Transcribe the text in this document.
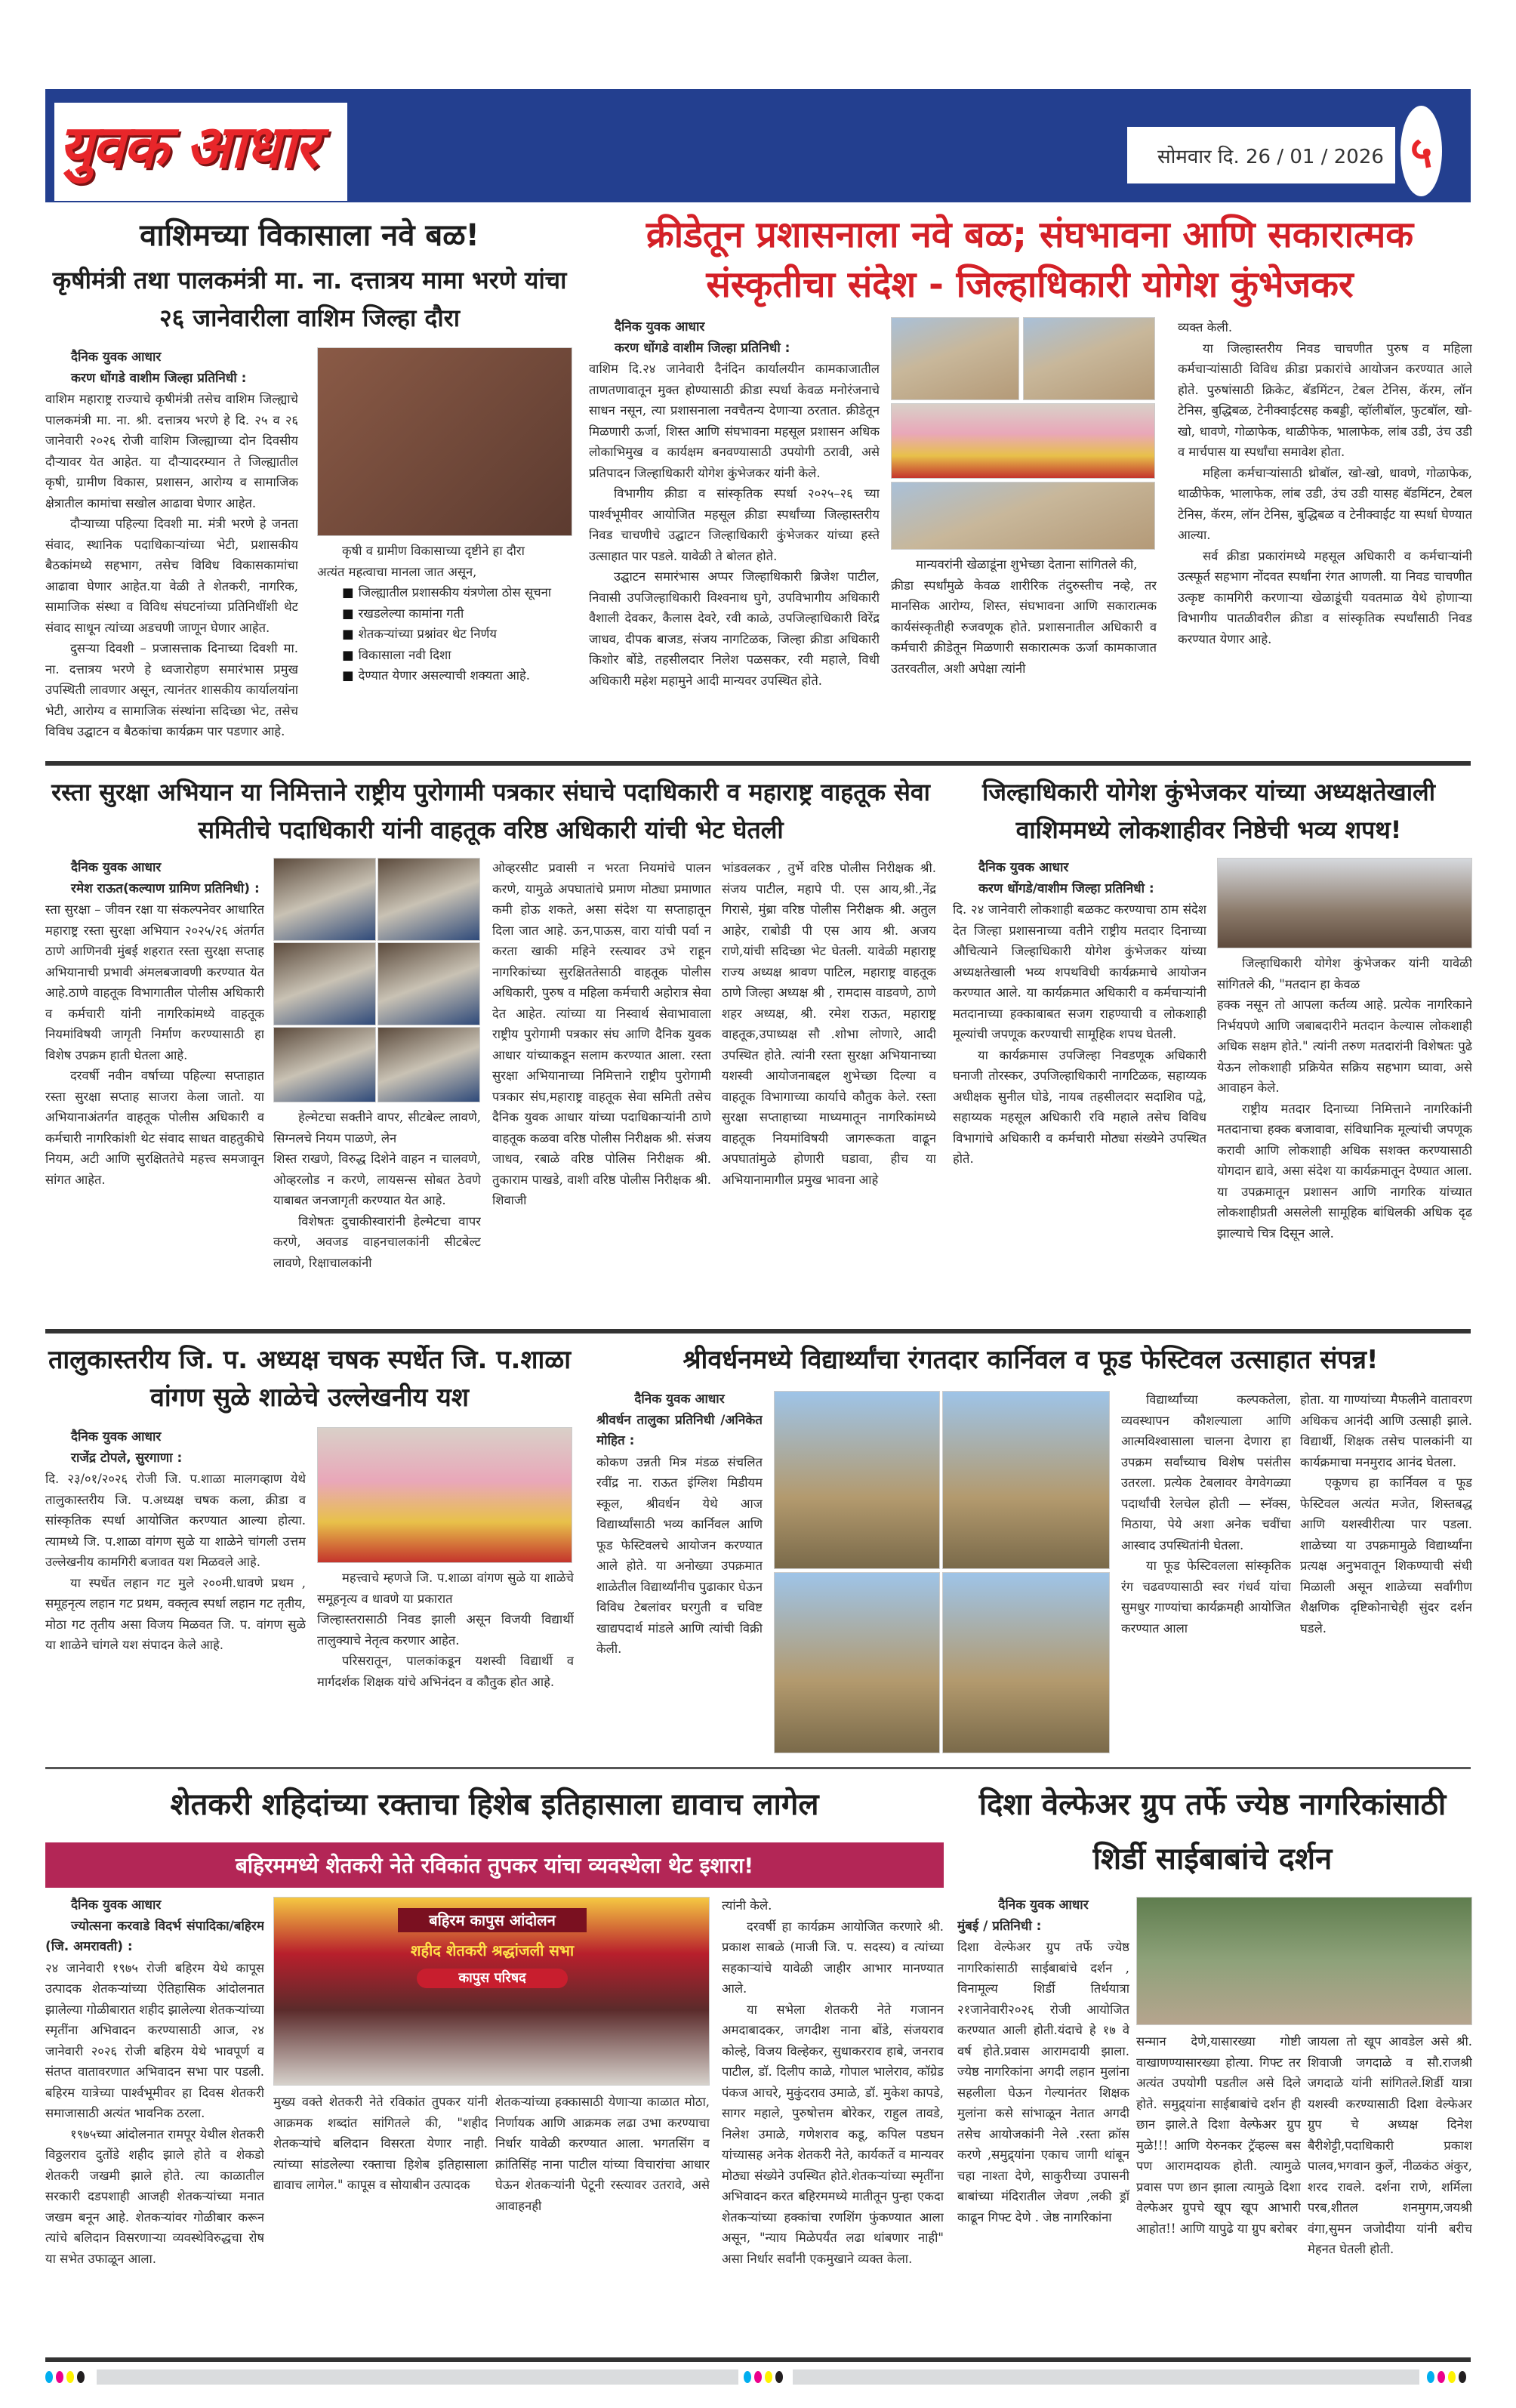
युवक आधार	सोमवार दि. 26 / 01 / 2026 ५
वाशिमच्या विकासाला नवे बळ!
कृषीमंत्री तथा पालकमंत्री मा. ना. दत्तात्रय मामा भरणे यांचा २६ जानेवारीला वाशिम जिल्हा दौरा
दैनिक युवक आधार
करण धोंगडे वाशीम जिल्हा प्रतिनिधी :

वाशिम महाराष्ट्र राज्याचे कृषीमंत्री तसेच वाशिम जिल्ह्याचे पालकमंत्री मा. ना. श्री. दत्तात्रय भरणे हे दि. २५ व २६ जानेवारी २०२६ रोजी वाशिम जिल्ह्याच्या दोन दिवसीय दौऱ्यावर येत आहेत. या दौऱ्यादरम्यान ते जिल्ह्यातील कृषी, ग्रामीण विकास, प्रशासन, आरोग्य व सामाजिक क्षेत्रातील कामांचा सखोल आढावा घेणार आहेत.

दौऱ्याच्या पहिल्या दिवशी मा. मंत्री भरणे हे जनता संवाद, स्थानिक पदाधिकाऱ्यांच्या भेटी, प्रशासकीय बैठकांमध्ये सहभाग, तसेच विविध विकासकामांचा आढावा घेणार आहेत.या वेळी ते शेतकरी, नागरिक, सामाजिक संस्था व विविध संघटनांच्या प्रतिनिधींशी थेट संवाद साधून त्यांच्या अडचणी जाणून घेणार आहेत.

दुसऱ्या दिवशी – प्रजासत्ताक दिनाच्या दिवशी मा. ना. दत्तात्रय भरणे हे ध्वजारोहण समारंभास प्रमुख उपस्थिती लावणार असून, त्यानंतर शासकीय कार्यालयांना भेटी, आरोग्य व सामाजिक संस्थांना सदिच्छा भेट, तसेच विविध उद्घाटन व बैठकांचा कार्यक्रम पार पडणार आहे.

कृषी व ग्रामीण विकासाच्या दृष्टीने हा दौरा

अत्यंत महत्वाचा मानला जात असून,

■ जिल्ह्यातील प्रशासकीय यंत्रणेला ठोस सूचना

■ रखडलेल्या कामांना गती

■ शेतकऱ्यांच्या प्रश्नांवर थेट निर्णय

■ विकासाला नवी दिशा

■ देण्यात येणार असल्याची शक्यता आहे.

क्रीडेतून प्रशासनाला नवे बळ; संघभावना आणि सकारात्मक संस्कृतीचा संदेश - जिल्हाधिकारी योगेश कुंभेजकर
दैनिक युवक आधार
करण धोंगडे वाशीम जिल्हा प्रतिनिधी :

वाशिम दि.२४ जानेवारी दैनंदिन कार्यालयीन कामकाजातील ताणतणावातून मुक्त होण्यासाठी क्रीडा स्पर्धा केवळ मनोरंजनाचे साधन नसून, त्या प्रशासनाला नवचैतन्य देणाऱ्या ठरतात. क्रीडेतून मिळणारी ऊर्जा, शिस्त आणि संघभावना महसूल प्रशासन अधिक लोकाभिमुख व कार्यक्षम बनवण्यासाठी उपयोगी ठरावी, असे प्रतिपादन जिल्हाधिकारी योगेश कुंभेजकर यांनी केले.

विभागीय क्रीडा व सांस्कृतिक स्पर्धा २०२५–२६ च्या पार्श्वभूमीवर आयोजित महसूल क्रीडा स्पर्धांच्या जिल्हास्तरीय निवड चाचणीचे उद्घाटन जिल्हाधिकारी कुंभेजकर यांच्या हस्ते उत्साहात पार पडले. यावेळी ते बोलत होते.

उद्घाटन समारंभास अप्पर जिल्हाधिकारी ब्रिजेश पाटील, निवासी उपजिल्हाधिकारी विश्वनाथ घुगे, उपविभागीय अधिकारी वैशाली देवकर, कैलास देवरे, रवी काळे, उपजिल्हाधिकारी विरेंद्र जाधव, दीपक बाजड, संजय नागटिळक, जिल्हा क्रीडा अधिकारी किशोर बोंडे, तहसीलदार निलेश पळसकर, रवी महाले, विधी अधिकारी महेश महामुने आदी मान्यवर उपस्थित होते.

मान्यवरांनी खेळाडूंना शुभेच्छा देताना सांगितले की,

क्रीडा स्पर्धांमुळे केवळ शारीरिक तंदुरुस्तीच नव्हे, तर मानसिक आरोग्य, शिस्त, संघभावना आणि सकारात्मक कार्यसंस्कृतीही रुजवणूक होते. प्रशासनातील अधिकारी व कर्मचारी क्रीडेतून मिळणारी सकारात्मक ऊर्जा कामकाजात उतरवतील, अशी अपेक्षा त्यांनी

व्यक्त केली.

या जिल्हास्तरीय निवड चाचणीत पुरुष व महिला कर्मचाऱ्यांसाठी विविध क्रीडा प्रकारांचे आयोजन करण्यात आले होते. पुरुषांसाठी क्रिकेट, बॅडमिंटन, टेबल टेनिस, कॅरम, लॉन टेनिस, बुद्धिबळ, टेनीक्वाईटसह कबड्डी, व्हॉलीबॉल, फुटबॉल, खो-खो, धावणे, गोळाफेक, थाळीफेक, भालाफेक, लांब उडी, उंच उडी व मार्चपास या स्पर्धांचा समावेश होता.

महिला कर्मचाऱ्यांसाठी थ्रोबॉल, खो-खो, धावणे, गोळाफेक, थाळीफेक, भालाफेक, लांब उडी, उंच उडी यासह बॅडमिंटन, टेबल टेनिस, कॅरम, लॉन टेनिस, बुद्धिबळ व टेनीक्वाईट या स्पर्धा घेण्यात आल्या.

सर्व क्रीडा प्रकारांमध्ये महसूल अधिकारी व कर्मचाऱ्यांनी उत्स्फूर्त सहभाग नोंदवत स्पर्धांना रंगत आणली. या निवड चाचणीत उत्कृष्ट कामगिरी करणाऱ्या खेळाडूंची यवतमाळ येथे होणाऱ्या विभागीय पातळीवरील क्रीडा व सांस्कृतिक स्पर्धांसाठी निवड करण्यात येणार आहे.

रस्ता सुरक्षा अभियान या निमित्ताने राष्ट्रीय पुरोगामी पत्रकार संघाचे पदाधिकारी व महाराष्ट्र वाहतूक सेवा समितीचे पदाधिकारी यांनी वाहतूक वरिष्ठ अधिकारी यांची भेट घेतली
दैनिक युवक आधार
रमेश राऊत(कल्याण ग्रामिण प्रतिनिधी) :

स्ता सुरक्षा – जीवन रक्षा या संकल्पनेवर आधारित महाराष्ट्र रस्ता सुरक्षा अभियान २०२५/२६ अंतर्गत ठाणे आणिनवी मुंबई शहरात रस्ता सुरक्षा सप्ताह अभियानाची प्रभावी अंमलबजावणी करण्यात येत आहे.ठाणे वाहतूक विभागातील पोलीस अधिकारी व कर्मचारी यांनी नागरिकांमध्ये वाहतूक नियमांविषयी जागृती निर्माण करण्यासाठी हा विशेष उपक्रम हाती घेतला आहे.

दरवर्षी नवीन वर्षाच्या पहिल्या सप्ताहात रस्ता सुरक्षा सप्ताह साजरा केला जातो. या अभियानाअंतर्गत वाहतूक पोलीस अधिकारी व कर्मचारी नागरिकांशी थेट संवाद साधत वाहतुकीचे नियम, अटी आणि सुरक्षिततेचे महत्त्व समजावून सांगत आहेत.

हेल्मेटचा सक्तीने वापर, सीटबेल्ट लावणे, सिग्नलचे नियम पाळणे, लेन

शिस्त राखणे, विरुद्ध दिशेने वाहन न चालवणे, ओव्हरलोड न करणे, लायसन्स सोबत ठेवणे याबाबत जनजागृती करण्यात येत आहे.

विशेषतः दुचाकीस्वारांनी हेल्मेटचा वापर करणे, अवजड वाहनचालकांनी सीटबेल्ट लावणे, रिक्षाचालकांनी

ओव्हरसीट प्रवासी न भरता नियमांचे पालन करणे, यामुळे अपघातांचे प्रमाण मोठ्या प्रमाणात कमी होऊ शकते, असा संदेश या सप्ताहातून दिला जात आहे. ऊन,पाऊस, वारा यांची पर्वा न करता खाकी महिने रस्त्यावर उभे राहून नागरिकांच्या सुरक्षिततेसाठी वाहतूक पोलीस अधिकारी, पुरुष व महिला कर्मचारी अहोरात्र सेवा देत आहेत. त्यांच्या या निस्वार्थ सेवाभावाला राष्ट्रीय पुरोगामी पत्रकार संघ आणि दैनिक युवक आधार यांच्याकडून सलाम करण्यात आला. रस्ता सुरक्षा अभियानाच्या निमित्ताने राष्ट्रीय पुरोगामी पत्रकार संघ,महाराष्ट्र वाहतूक सेवा समिती तसेच दैनिक युवक आधार यांच्या पदाधिकाऱ्यांनी ठाणे वाहतूक कळवा वरिष्ठ पोलीस निरीक्षक श्री. संजय जाधव, रबाळे वरिष्ठ पोलिस निरीक्षक श्री. तुकाराम पाखडे, वाशी वरिष्ठ पोलीस निरीक्षक श्री. शिवाजी

भांडवलकर , तुर्भे वरिष्ठ पोलीस निरीक्षक श्री. संजय पाटील, महापे पी. एस आय,श्री.,नेंद्र गिरासे, मुंब्रा वरिष्ठ पोलीस निरीक्षक श्री. अतुल आहेर, राबोडी पी एस आय श्री. अजय राणे,यांची सदिच्छा भेट घेतली. यावेळी महाराष्ट्र राज्य अध्यक्ष श्रावण पाटिल, महाराष्ट्र वाहतूक ठाणे जिल्हा अध्यक्ष श्री , रामदास वाडवणे, ठाणे शहर अध्यक्ष, श्री. रमेश राऊत, महाराष्ट्र वाहतूक,उपाध्यक्ष सौ .शोभा लोणारे, आदी उपस्थित होते. त्यांनी रस्ता सुरक्षा अभियानाच्या यशस्वी आयोजनाबद्दल शुभेच्छा दिल्या व वाहतूक विभागाच्या कार्याचे कौतुक केले. रस्ता सुरक्षा सप्ताहाच्या माध्यमातून नागरिकांमध्ये वाहतूक नियमांविषयी जागरूकता वाढून अपघातांमुळे होणारी घडावा, हीच या अभियानामागील प्रमुख भावना आहे

जिल्हाधिकारी योगेश कुंभेजकर यांच्या अध्यक्षतेखाली वाशिममध्ये लोकशाहीवर निष्ठेची भव्य शपथ!
दैनिक युवक आधार
करण धोंगडे/वाशीम जिल्हा प्रतिनिधी :

दि. २४ जानेवारी लोकशाही बळकट करण्याचा ठाम संदेश देत जिल्हा प्रशासनाच्या वतीने राष्ट्रीय मतदार दिनाच्या औचित्याने जिल्हाधिकारी योगेश कुंभेजकर यांच्या अध्यक्षतेखाली भव्य शपथविधी कार्यक्रमाचे आयोजन करण्यात आले. या कार्यक्रमात अधिकारी व कर्मचाऱ्यांनी मतदानाच्या हक्काबाबत सजग राहण्याची व लोकशाही मूल्यांची जपणूक करण्याची सामूहिक शपथ घेतली.

या कार्यक्रमास उपजिल्हा निवडणूक अधिकारी घनाजी तोरस्कर, उपजिल्हाधिकारी नागटिळक, सहाय्यक अधीक्षक सुनील घोडे, नायब तहसीलदार सदाशिव पद्वे, सहाय्यक महसूल अधिकारी रवि महाले तसेच विविध विभागांचे अधिकारी व कर्मचारी मोठ्या संख्येने उपस्थित होते.

जिल्हाधिकारी योगेश कुंभेजकर यांनी यावेळी सांगितले की, "मतदान हा केवळ

हक्क नसून तो आपला कर्तव्य आहे. प्रत्येक नागरिकाने निर्भयपणे आणि जबाबदारीने मतदान केल्यास लोकशाही अधिक सक्षम होते." त्यांनी तरुण मतदारांनी विशेषतः पुढे येऊन लोकशाही प्रक्रियेत सक्रिय सहभाग घ्यावा, असे आवाहन केले.

राष्ट्रीय मतदार दिनाच्या निमित्ताने नागरिकांनी मतदानाचा हक्क बजावावा, संविधानिक मूल्यांची जपणूक करावी आणि लोकशाही अधिक सशक्त करण्यासाठी योगदान द्यावे, असा संदेश या कार्यक्रमातून देण्यात आला. या उपक्रमातून प्रशासन आणि नागरिक यांच्यात लोकशाहीप्रती असलेली सामूहिक बांधिलकी अधिक दृढ झाल्याचे चित्र दिसून आले.

तालुकास्तरीय जि. प. अध्यक्ष चषक स्पर्धेत जि. प.शाळा वांगण सुळे शाळेचे उल्लेखनीय यश
दैनिक युवक आधार
राजेंद्र टोपले, सुरगाणा :

दि. २३/०१/२०२६ रोजी जि. प.शाळा मालगव्हाण येथे तालुकास्तरीय जि. प.अध्यक्ष चषक कला, क्रीडा व सांस्कृतिक स्पर्धा आयोजित करण्यात आल्या होत्या. त्यामध्ये जि. प.शाळा वांगण सुळे या शाळेने चांगली उत्तम उल्लेखनीय कामगिरी बजावत यश मिळवले आहे.

या स्पर्धेत लहान गट मुले २००मी.धावणे प्रथम , समूहनृत्य लहान गट प्रथम, वक्तृत्व स्पर्धा लहान गट तृतीय, मोठा गट तृतीय असा विजय मिळवत जि. प. वांगण सुळे या शाळेने चांगले यश संपादन केले आहे.

महत्त्वाचे म्हणजे जि. प.शाळा वांगण सुळे या शाळेचे समूहनृत्य व धावणे या प्रकारात

जिल्हास्तरासाठी निवड झाली असून विजयी विद्यार्थी तालुक्याचे नेतृत्व करणार आहेत.

परिसरातून, पालकांकडून यशस्वी विद्यार्थी व मार्गदर्शक शिक्षक यांचे अभिनंदन व कौतुक होत आहे.

श्रीवर्धनमध्ये विद्यार्थ्यांचा रंगतदार कार्निवल व फूड फेस्टिवल उत्साहात संपन्न!
दैनिक युवक आधार
श्रीवर्धन तालुका प्रतिनिधी /अनिकेत मोहित :

कोकण उन्नती मित्र मंडळ संचलित रवींद्र ना. राऊत इंग्लिश मिडीयम स्कूल, श्रीवर्धन येथे आज विद्यार्थ्यांसाठी भव्य कार्निवल आणि फूड फेस्टिवलचे आयोजन करण्यात आले होते. या अनोख्या उपक्रमात शाळेतील विद्यार्थ्यांनीच पुढाकार घेऊन विविध टेबलांवर घरगुती व चविष्ट खाद्यपदार्थ मांडले आणि त्यांची विक्री केली.

विद्यार्थ्यांच्या कल्पकतेला, व्यवस्थापन कौशल्याला आणि आत्मविश्वासाला चालना देणारा हा उपक्रम सर्वांच्याच विशेष पसंतीस उतरला. प्रत्येक टेबलावर वेगवेगळ्या पदार्थांची रेलचेल होती — स्नॅक्स, मिठाया, पेये अशा अनेक चवींचा आस्वाद उपस्थितांनी घेतला.

या फूड फेस्टिवलला सांस्कृतिक रंग चढवण्यासाठी स्वर गंधर्व यांचा सुमधुर गाण्यांचा कार्यक्रमही आयोजित करण्यात आला

होता. या गाण्यांच्या मैफलीने वातावरण अधिकच आनंदी आणि उत्साही झाले. विद्यार्थी, शिक्षक तसेच पालकांनी या कार्यक्रमाचा मनमुराद आनंद घेतला.

एकूणच हा कार्निवल व फूड फेस्टिवल अत्यंत मजेत, शिस्तबद्ध आणि यशस्वीरीत्या पार पडला. शाळेच्या या उपक्रमामुळे विद्यार्थ्यांना प्रत्यक्ष अनुभवातून शिकण्याची संधी मिळाली असून शाळेच्या सर्वांगीण शैक्षणिक दृष्टिकोनाचेही सुंदर दर्शन घडले.

शेतकरी शहिदांच्या रक्ताचा हिशेब इतिहासाला द्यावाच लागेल
बहिरममध्ये शेतकरी नेते रविकांत तुपकर यांचा व्यवस्थेला थेट इशारा!
दैनिक युवक आधार
ज्योत्सना करवाडे विदर्भ संपादिका/बहिरम (जि. अमरावती) :

२४ जानेवारी १९७५ रोजी बहिरम येथे कापूस उत्पादक शेतकऱ्यांच्या ऐतिहासिक आंदोलनात झालेल्या गोळीबारात शहीद झालेल्या शेतकऱ्यांच्या स्मृतींना अभिवादन करण्यासाठी आज, २४ जानेवारी २०२६ रोजी बहिरम येथे भावपूर्ण व संतप्त वातावरणात अभिवादन सभा पार पडली. बहिरम यात्रेच्या पार्श्वभूमीवर हा दिवस शेतकरी समाजासाठी अत्यंत भावनिक ठरला.

१९७५च्या आंदोलनात रामपूर येथील शेतकरी विठ्ठलराव दुतोंडे शहीद झाले होते व शेकडो शेतकरी जखमी झाले होते. त्या काळातील सरकारी दडपशाही आजही शेतकऱ्यांच्या मनात जखम बनून आहे. शेतकऱ्यांवर गोळीबार करून त्यांचे बलिदान विसरणाऱ्या व्यवस्थेविरुद्धचा रोष या सभेत उफाळून आला.

बहिरम कापुस आंदोलन
शहीद शेतकरी श्रद्धांजली सभा
कापुस परिषद

मुख्य वक्ते शेतकरी नेते रविकांत तुपकर यांनी आक्रमक शब्दांत सांगितले की, "शहीद शेतकऱ्यांचे बलिदान विसरता येणार नाही. त्यांच्या सांडलेल्या रक्ताचा हिशेब इतिहासाला द्यावाच लागेल." कापूस व सोयाबीन उत्पादक

शेतकऱ्यांच्या हक्कासाठी येणाऱ्या काळात मोठा, निर्णायक आणि आक्रमक लढा उभा करण्याचा निर्धार यावेळी करण्यात आला. भगतसिंग व क्रांतिसिंह नाना पाटील यांच्या विचारांचा आधार घेऊन शेतकऱ्यांनी पेटूनी रस्त्यावर उतरावे, असे आवाहनही

त्यांनी केले.

दरवर्षी हा कार्यक्रम आयोजित करणारे श्री. प्रकाश साबळे (माजी जि. प. सदस्य) व त्यांच्या सहकाऱ्यांचे यावेळी जाहीर आभार मानण्यात आले.

या सभेला शेतकरी नेते गजानन अमदाबादकर, जगदीश नाना बोंडे, संजयराव कोल्हे, विजय विल्हेकर, सुधाकरराव हाबे, जनराव पाटील, डॉ. दिलीप काळे, गोपाल भालेराव, कॉग्रेड पंकज आचरे, मुकुंदराव उमाळे, डॉ. मुकेश कापडे, सागर महाले, पुरुषोत्तम बोरेकर, राहुल तावडे, निलेश उमाळे, गणेशराव कडू, कपिल पडघन यांच्यासह अनेक शेतकरी नेते, कार्यकर्ते व मान्यवर मोठ्या संख्येने उपस्थित होते.शेतकऱ्यांच्या स्मृतींना अभिवादन करत बहिरममध्ये मातीतून पुन्हा एकदा शेतकऱ्यांच्या हक्कांचा रणशिंग फुंकण्यात आला असून, "न्याय मिळेपर्यंत लढा थांबणार नाही" असा निर्धार सर्वांनी एकमुखाने व्यक्त केला.

दिशा वेल्फेअर ग्रुप तर्फे ज्येष्ठ नागरिकांसाठी शिर्डी साईबाबांचे दर्शन
दैनिक युवक आधार
मुंबई / प्रतिनिधी :

दिशा वेल्फेअर ग्रुप तर्फे ज्येष्ठ नागरिकांसाठी साईबाबांचे दर्शन , विनामूल्य शिर्डी तिर्थयात्रा २१जानेवारी२०२६ रोजी आयोजित करण्यात आली होती.यंदाचे हे १७ वे वर्ष होते.प्रवास आरामदायी झाला. ज्येष्ठ नागरिकांना अगदी लहान मुलांना सहलीला घेऊन गेल्यानंतर शिक्षक मुलांना कसे सांभाळून नेतात अगदी तसेच आयोजकांनी नेले .रस्ता क्रॉस करणे ,समुद्र्यांना एकाच जागी थांबून चहा नाश्ता देणे, साकुरीच्या उपासनी बाबांच्या मंदिरातील जेवण ,लकी ड्रॉ काढून गिफ्ट देणे . जेष्ठ नागरिकांना

सन्मान देणे,यासारख्या गोष्टी वाखाणण्यासारख्या होत्या. गिफ्ट तर अत्यंत उपयोगी पडतील असे दिले होते. समुद्र्यांना साईबाबांचे दर्शन ही छान झाले.ते दिशा वेल्फेअर ग्रुप मुळे!!! आणि येरुनकर ट्रॅव्हल्स बस पण आरामदायक होती. त्यामुळे प्रवास पण छान झाला त्यामुळे दिशा वेल्फेअर ग्रुपचे खूप खूप आभारी आहोत!! आणि यापुढे या ग्रुप बरोबर

जायला तो खूप आवडेल असे श्री. शिवाजी जगदाळे व सौ.राजश्री जगदाळे यांनी सांगितले.शिर्डी यात्रा यशस्वी करण्यासाठी दिशा वेल्फेअर ग्रुप चे अध्यक्ष दिनेश बैरीशेट्टी,पदाधिकारी प्रकाश पालव,भगवान कुर्ले, नीळकंठ अंकुर, शरद रावले. दर्शना राणे, शर्मिला परब,शीतल शनमुगम,जयश्री वंगा,सुमन जजोदीया यांनी बरीच मेहनत घेतली होती.
